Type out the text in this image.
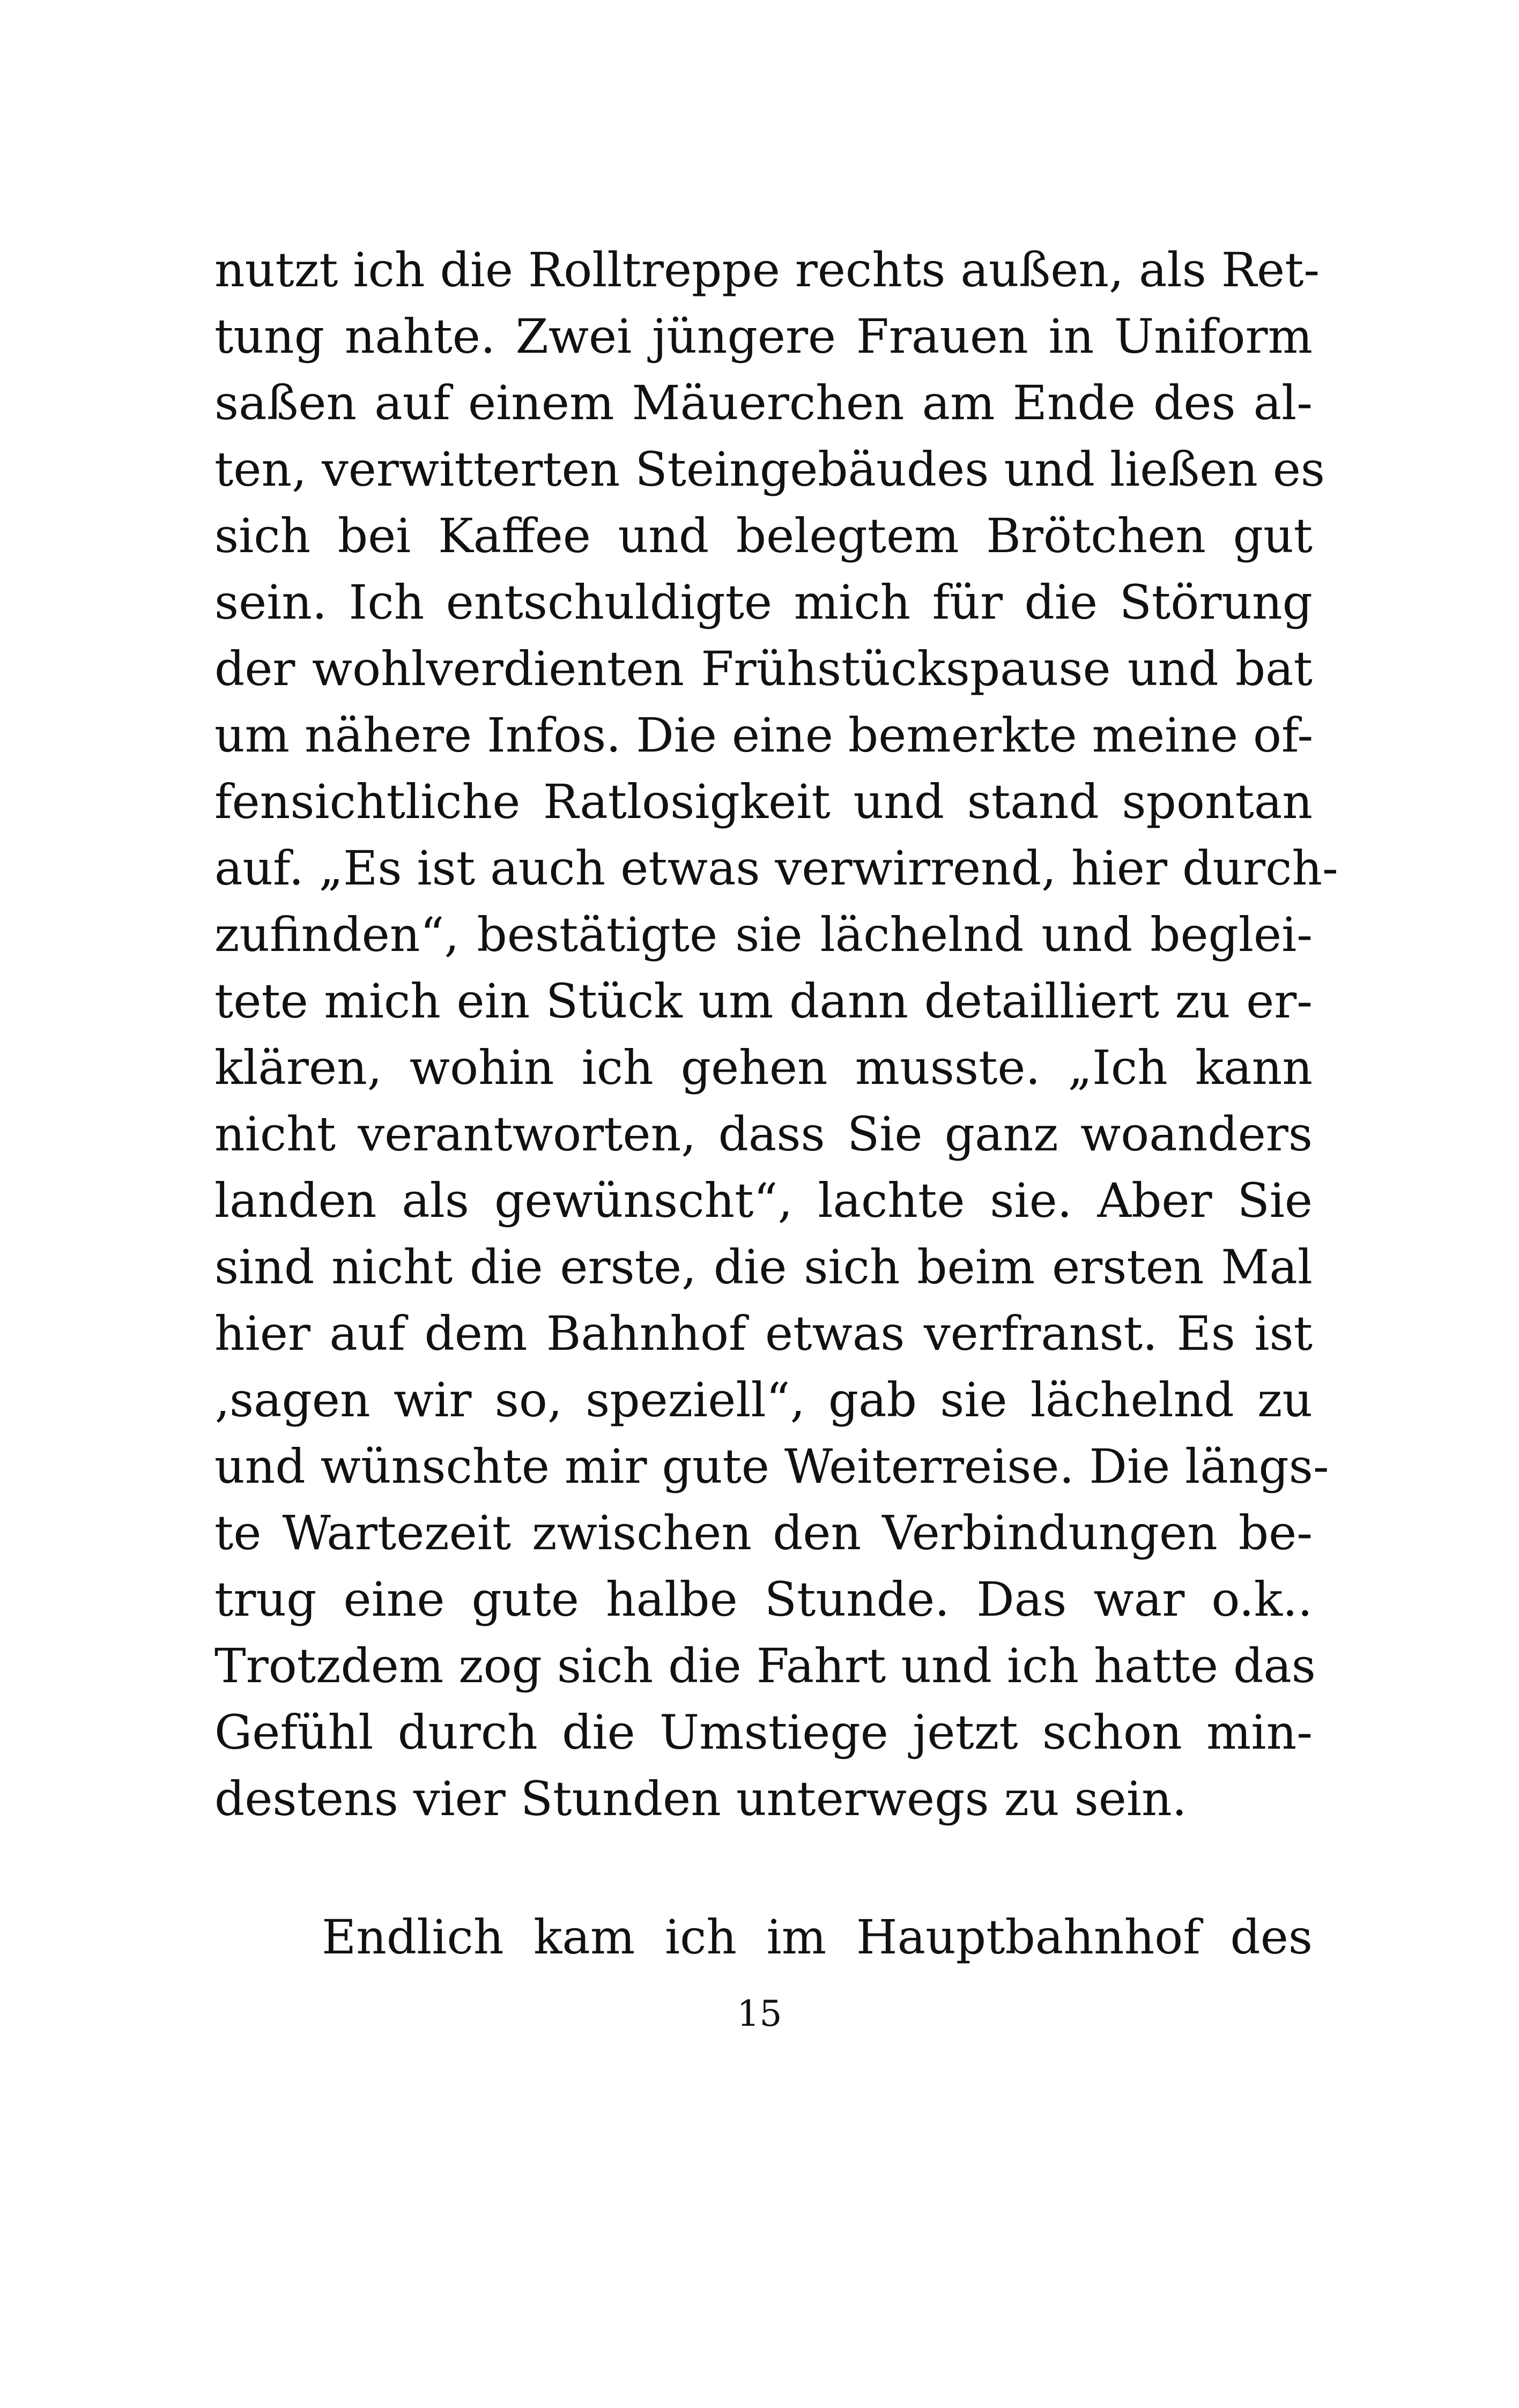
nutzt ich die Rolltreppe rechts außen, als Ret-
tung nahte. Zwei jüngere Frauen in Uniform
saßen auf einem Mäuerchen am Ende des al-
ten, verwitterten Steingebäudes und ließen es
sich bei Kaffee und belegtem Brötchen gut
sein. Ich entschuldigte mich für die Störung
der wohlverdienten Frühstückspause und bat
um nähere Infos. Die eine bemerkte meine of-
fensichtliche Ratlosigkeit und stand spontan
auf. „Es ist auch etwas verwirrend, hier durch-
zufinden“, bestätigte sie lächelnd und beglei-
tete mich ein Stück um dann detailliert zu er-
klären, wohin ich gehen musste. „Ich kann
nicht verantworten, dass Sie ganz woanders
landen als gewünscht“, lachte sie. Aber Sie
sind nicht die erste, die sich beim ersten Mal
hier auf dem Bahnhof etwas verfranst. Es ist
‚sagen wir so, speziell“, gab sie lächelnd zu
und wünschte mir gute Weiterreise. Die längs-
te Wartezeit zwischen den Verbindungen be-
trug eine gute halbe Stunde. Das war o.k..
Trotzdem zog sich die Fahrt und ich hatte das
Gefühl durch die Umstiege jetzt schon min-
destens vier Stunden unterwegs zu sein.
Endlich kam ich im Hauptbahnhof des
15
